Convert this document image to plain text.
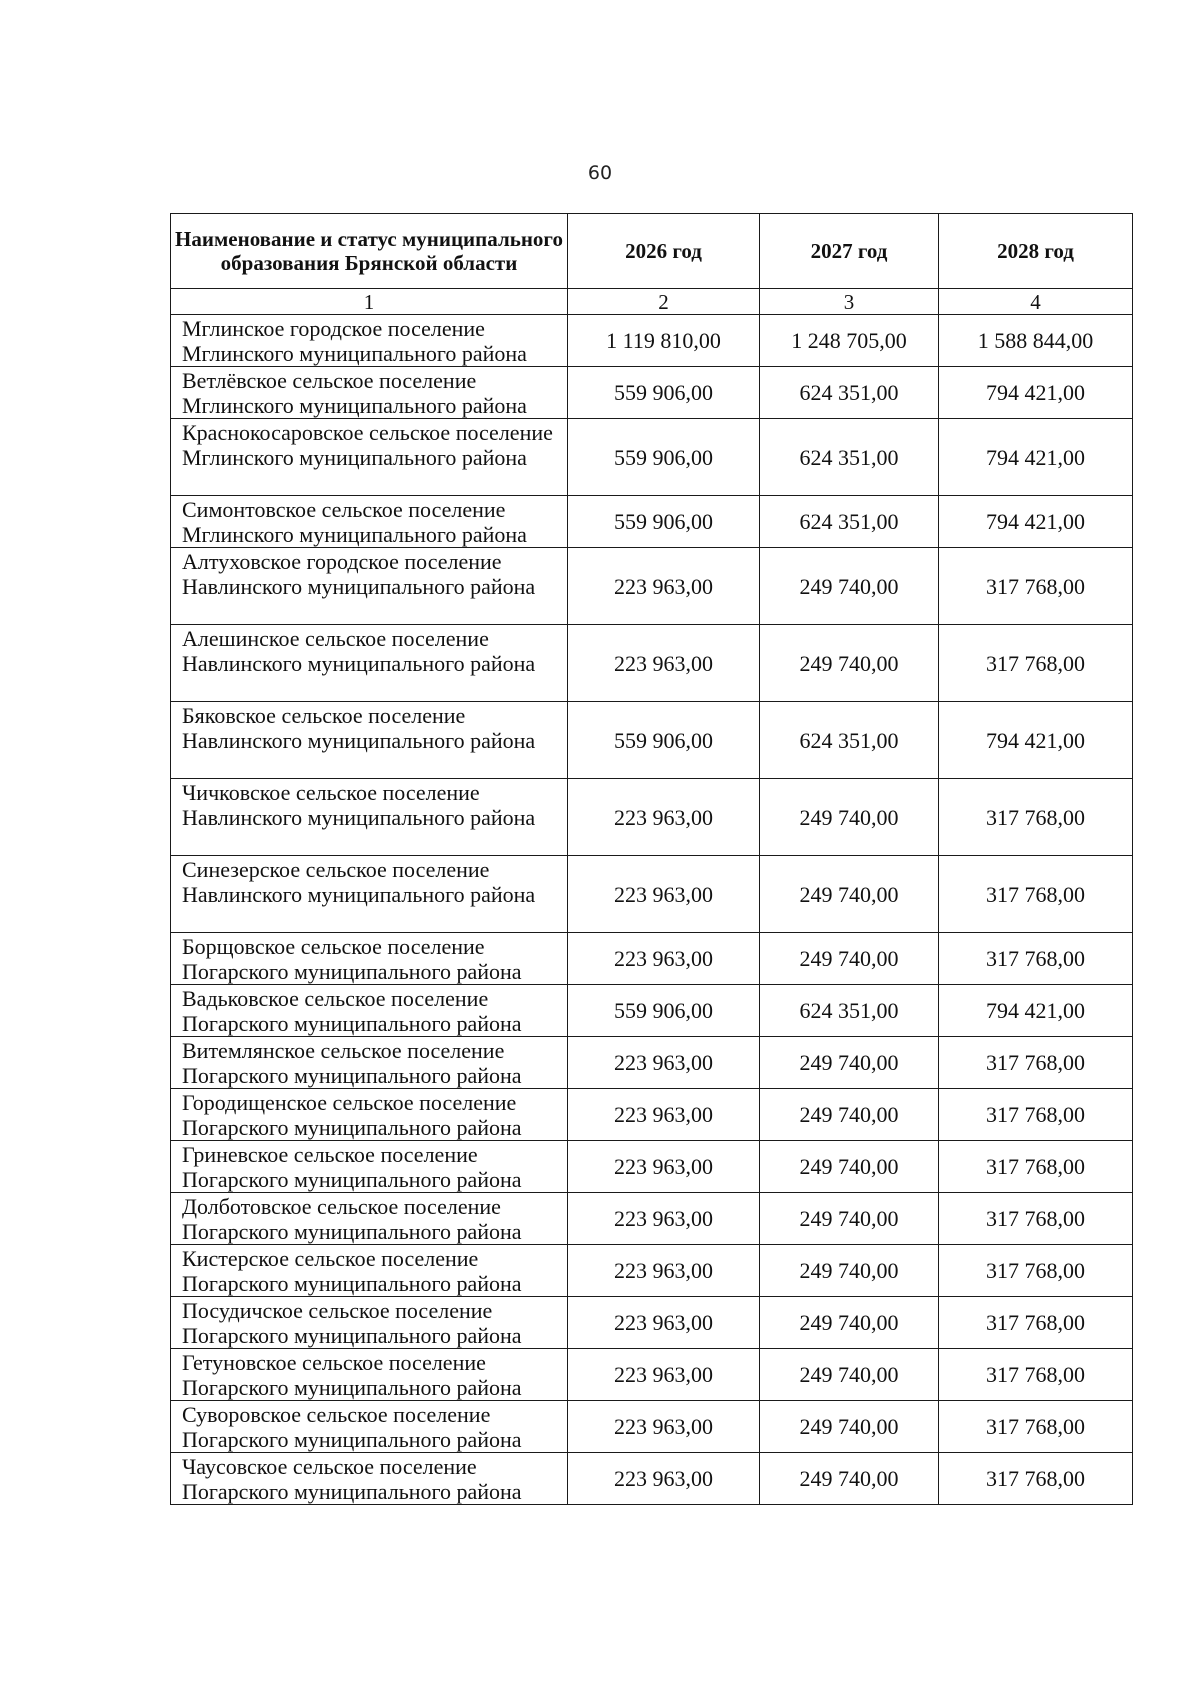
60
Наименование и статус муниципального образования Брянской области	2026 год	2027 год	2028 год
1	2	3	4
Мглинское городское поселение Мглинского муниципального района	1 119 810,00	1 248 705,00	1 588 844,00
Ветлёвское сельское поселение Мглинского муниципального района	559 906,00	624 351,00	794 421,00
Краснокосаровское сельское поселение Мглинского муниципального района	559 906,00	624 351,00	794 421,00
Симонтовское сельское поселение Мглинского муниципального района	559 906,00	624 351,00	794 421,00
Алтуховское городское поселение Навлинского муниципального района	223 963,00	249 740,00	317 768,00
Алешинское сельское поселение Навлинского муниципального района	223 963,00	249 740,00	317 768,00
Бяковское сельское поселение Навлинского муниципального района	559 906,00	624 351,00	794 421,00
Чичковское сельское поселение Навлинского муниципального района	223 963,00	249 740,00	317 768,00
Синезерское сельское поселение Навлинского муниципального района	223 963,00	249 740,00	317 768,00
Борщовское сельское поселение Погарского муниципального района	223 963,00	249 740,00	317 768,00
Вадьковское сельское поселение Погарского муниципального района	559 906,00	624 351,00	794 421,00
Витемлянское сельское поселение Погарского муниципального района	223 963,00	249 740,00	317 768,00
Городищенское сельское поселение Погарского муниципального района	223 963,00	249 740,00	317 768,00
Гриневское сельское поселение Погарского муниципального района	223 963,00	249 740,00	317 768,00
Долботовское сельское поселение Погарского муниципального района	223 963,00	249 740,00	317 768,00
Кистерское сельское поселение Погарского муниципального района	223 963,00	249 740,00	317 768,00
Посудичское сельское поселение Погарского муниципального района	223 963,00	249 740,00	317 768,00
Гетуновское сельское поселение Погарского муниципального района	223 963,00	249 740,00	317 768,00
Суворовское сельское поселение Погарского муниципального района	223 963,00	249 740,00	317 768,00
Чаусовское сельское поселение Погарского муниципального района	223 963,00	249 740,00	317 768,00
